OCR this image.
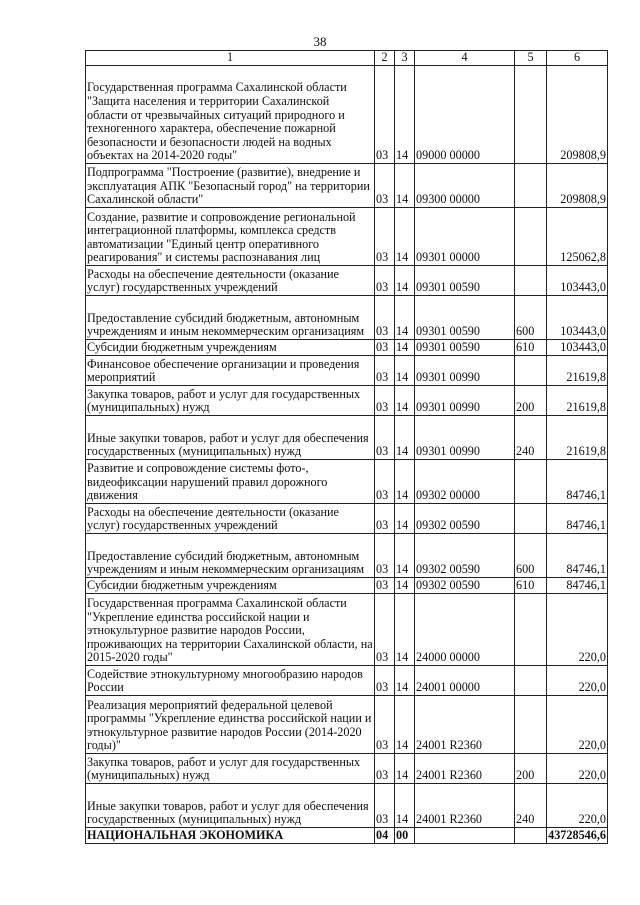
38
1	2	3	4	5	6
Государственная программа Сахалинской области "Защита населения и территории Сахалинской области от чрезвычайных ситуаций природного и техногенного характера, обеспечение пожарной безопасности и безопасности людей на водных объектах на 2014-2020 годы"	03	14	09000 00000		209808,9
Подпрограмма "Построение (развитие), внедрение и эксплуатация АПК "Безопасный город" на территории Сахалинской области"	03	14	09300 00000		209808,9
Создание, развитие и сопровождение региональной интеграционной платформы, комплекса средств автоматизации "Единый центр оперативного реагирования" и системы распознавания лиц	03	14	09301 00000		125062,8
Расходы на обеспечение деятельности (оказание услуг) государственных учреждений	03	14	09301 00590		103443,0
Предоставление субсидий бюджетным, автономным учреждениям и иным некоммерческим организациям	03	14	09301 00590	600	103443,0
Субсидии бюджетным учреждениям	03	14	09301 00590	610	103443,0
Финансовое обеспечение организации и проведения мероприятий	03	14	09301 00990		21619,8
Закупка товаров, работ и услуг для государственных (муниципальных) нужд	03	14	09301 00990	200	21619,8
Иные закупки товаров, работ и услуг для обеспечения государственных (муниципальных) нужд	03	14	09301 00990	240	21619,8
Развитие и сопровождение системы фото-, видеофиксации нарушений правил дорожного движения	03	14	09302 00000		84746,1
Расходы на обеспечение деятельности (оказание услуг) государственных учреждений	03	14	09302 00590		84746,1
Предоставление субсидий бюджетным, автономным учреждениям и иным некоммерческим организациям	03	14	09302 00590	600	84746,1
Субсидии бюджетным учреждениям	03	14	09302 00590	610	84746,1
Государственная программа Сахалинской области "Укрепление единства российской нации и этнокультурное развитие народов России, проживающих на территории Сахалинской области, на 2015-2020 годы"	03	14	24000 00000		220,0
Содействие этнокультурному многообразию народов России	03	14	24001 00000		220,0
Реализация мероприятий федеральной целевой программы "Укрепление единства российской нации и этнокультурное развитие народов России (2014-2020 годы)"	03	14	24001 R2360		220,0
Закупка товаров, работ и услуг для государственных (муниципальных) нужд	03	14	24001 R2360	200	220,0
Иные закупки товаров, работ и услуг для обеспечения государственных (муниципальных) нужд	03	14	24001 R2360	240	220,0
НАЦИОНАЛЬНАЯ ЭКОНОМИКА	04	00			43728546,6
